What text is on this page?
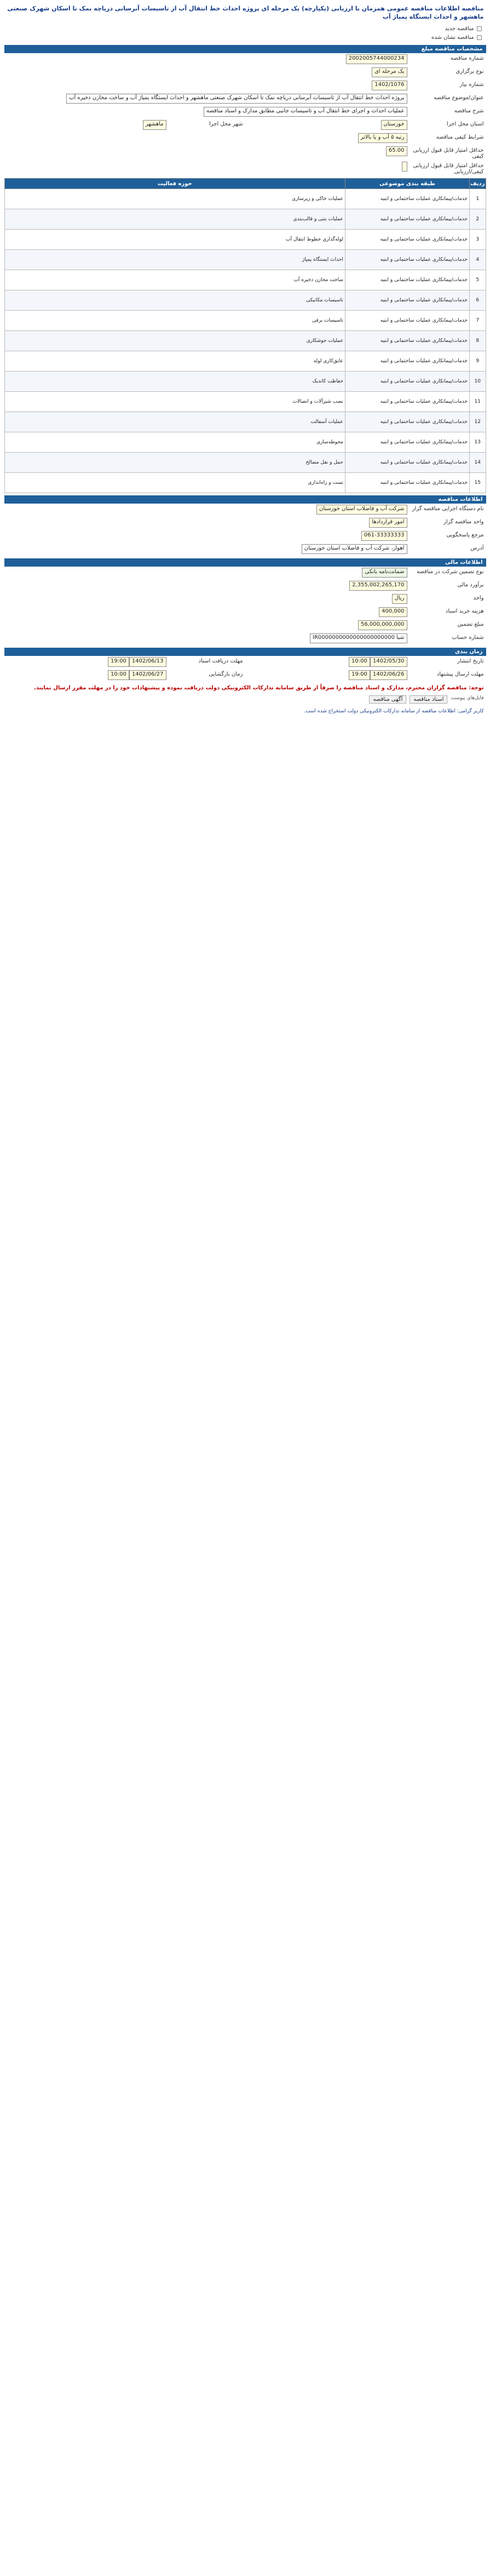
مناقصه اطلاعات مناقصه عمومی همزمان با ارزیابی (یکپارچه) یک مرحله ای پروژه احداث خط انتقال آب از تاسیسات آبرسانی دریاچه نمک تا اسکان شهرک صنعتی ماهشهر و احداث ایستگاه پمپاژ آب
مناقصه جدید
مناقصه نشان شده
مشخصات مناقصه مبلغ
شماره مناقصه
2002005744000234
نوع برگزاری
یک مرحله ای
شماره نیاز
1402/1076
عنوان/موضوع مناقصه
پروژه احداث خط انتقال آب از تاسیسات آبرسانی دریاچه نمک تا اسکان شهرک صنعتی ماهشهر و احداث ایستگاه پمپاژ آب و ساخت مخازن ذخیره آب
شرح مناقصه
عملیات احداث و اجرای خط انتقال آب و تاسیسات جانبی مطابق مدارک و اسناد مناقصه
استان محل اجرا
خوزستان
شهر محل اجرا
ماهشهر
شرایط کیفی مناقصه
رتبه ۵ آب و یا بالاتر
حداقل امتیاز قابل قبول ارزیابی کیفی
65.00
حداقل امتیاز قابل قبول ارزیابی کیفی/ارزیابی
ردیف	طبقه بندی موضوعی	حوزه فعالیت
1	خدمات/پیمانکاری عملیات ساختمانی و ابنیه	عملیات خاکی و زیرسازی
2	خدمات/پیمانکاری عملیات ساختمانی و ابنیه	عملیات بتنی و قالب‌بندی
3	خدمات/پیمانکاری عملیات ساختمانی و ابنیه	لوله‌گذاری خطوط انتقال آب
4	خدمات/پیمانکاری عملیات ساختمانی و ابنیه	احداث ایستگاه پمپاژ
5	خدمات/پیمانکاری عملیات ساختمانی و ابنیه	ساخت مخازن ذخیره آب
6	خدمات/پیمانکاری عملیات ساختمانی و ابنیه	تاسیسات مکانیکی
7	خدمات/پیمانکاری عملیات ساختمانی و ابنیه	تاسیسات برقی
8	خدمات/پیمانکاری عملیات ساختمانی و ابنیه	عملیات جوشکاری
9	خدمات/پیمانکاری عملیات ساختمانی و ابنیه	عایق‌کاری لوله
10	خدمات/پیمانکاری عملیات ساختمانی و ابنیه	حفاظت کاتدیک
11	خدمات/پیمانکاری عملیات ساختمانی و ابنیه	نصب شیرآلات و اتصالات
12	خدمات/پیمانکاری عملیات ساختمانی و ابنیه	عملیات آسفالت
13	خدمات/پیمانکاری عملیات ساختمانی و ابنیه	محوطه‌سازی
14	خدمات/پیمانکاری عملیات ساختمانی و ابنیه	حمل و نقل مصالح
15	خدمات/پیمانکاری عملیات ساختمانی و ابنیه	تست و راه‌اندازی
اطلاعات مناقصه
نام دستگاه اجرایی مناقصه گزار
شرکت آب و فاضلاب استان خوزستان
واحد مناقصه گزار
امور قراردادها
مرجع پاسخگویی
061-33333333
آدرس
اهواز، شرکت آب و فاضلاب استان خوزستان
اطلاعات مالی
نوع تضمین شرکت در مناقصه
ضمانت‌نامه بانکی
برآورد مالی
2,355,002,265,170
واحد
ریال
هزینه خرید اسناد
400,000
مبلغ تضمین
56,000,000,000
شماره حساب
شبا IR0000000000000000000000
زمان بندی
تاریخ انتشار
1402/05/30
10:00
مهلت دریافت اسناد
1402/06/13
19:00
مهلت ارسال پیشنهاد
1402/06/26
19:00
زمان بازگشایی
1402/06/27
10:00
توجه: مناقصه گزاران محترم، مدارک و اسناد مناقصه را صرفاً از طریق سامانه تدارکات الکترونیکی دولت دریافت نموده و پیشنهادات خود را در مهلت مقرر ارسال نمایند.
فایل‌های پیوست
اسناد مناقصه
آگهی مناقصه
کاربر گرامی: اطلاعات مناقصه از سامانه تدارکات الکترونیکی دولت استخراج شده است.
